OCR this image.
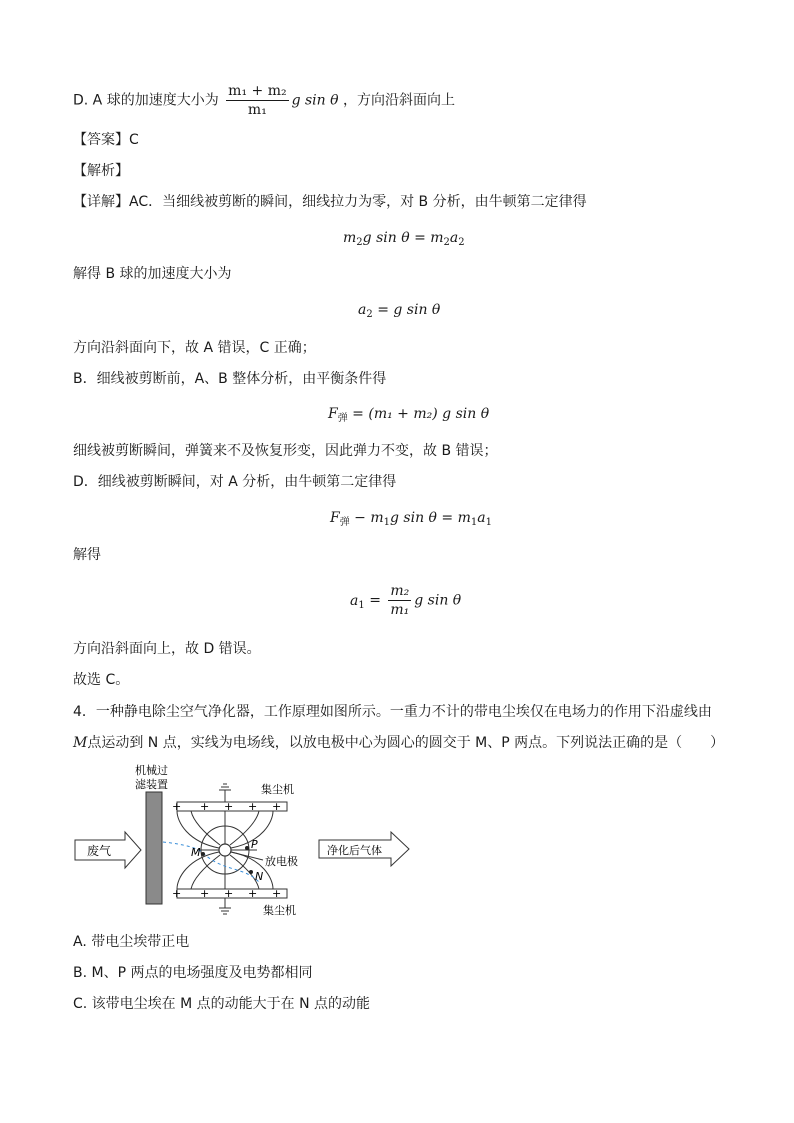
D. A 球的加速度大小为 $\frac{\text{m₁ + m₂}}{\text{m₁}}$ g sin θ ，方向沿斜面向上
【答案】C
【解析】
【详解】AC．当细线被剪断的瞬间，细线拉力为零，对 B 分析，由牛顿第二定律得
$m_2g$ $\sin \theta = m_2a_2$
解得 B 球的加速度大小为
$a_2 = g$ sin θ
方向沿斜面向下，故 A 错误，C 正确；
B．细线被剪断前，A、B 整体分析，由平衡条件得
$F_弹 = (m_1 + m_2)$ g sin θ
细线被剪断瞬间，弹簧来不及恢复形变，因此弹力不变，故 B 错误；
D．细线被剪断瞬间，对 A 分析，由牛顿第二定律得
$F_弹 - m_1g$ $\sin \theta = m_1a_1$
解得
$a_1 = \frac{\text{m₂}}{\text{m₁}}$ g sin θ
方向沿斜面向上，故 D 错误。
故选 C。
4．一种静电除尘空气净化器，工作原理如图所示。一重力不计的带电尘埃仅在电场力的作用下沿虚线由
M点运动到 N 点，实线为电场线，以放电极中心为圆心的圆交于 M、P 两点。下列说法正确的是（　　）
机械过
滤装置
废气
+ + + + +
集尘机
+ + + + +
集尘机
放电极
M
P
N
净化后气体
A. 带电尘埃带正电
B. M、P 两点的电场强度及电势都相同
C. 该带电尘埃在 M 点的动能大于在 N 点的动能
